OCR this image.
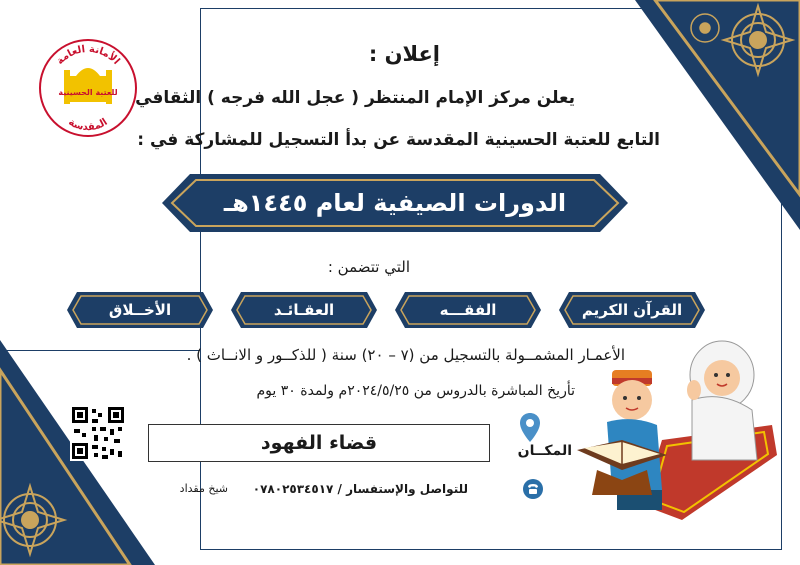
الأمانة العامة
المقدسة
للعتبة الحسينية
إعلان :
يعلن مركز الإمام المنتظر ( عجل الله فرجه ) الثقافي
التابع للعتبة الحسينية المقدسة عن بدأ التسجيل للمشاركة في :
الدورات الصيفية لعام ١٤٤٥هـ
التي تتضمن :
القرآن الكريم
الفقـــه
العقـائـد
الأخــلاق
الأعمـار المشمــولة بالتسجيل من (٧ – ٢٠) سنة ( للذكــور و الانــاث ) .
تأريخ المباشرة بالدروس من ٢٠٢٤/٥/٢٥م ولمدة ٣٠ يوم
قضاء الفهود	المكــان
للتواصل والإستفسار / ٠٧٨٠٢٥٣٤٥١٧
شيخ مقداد
